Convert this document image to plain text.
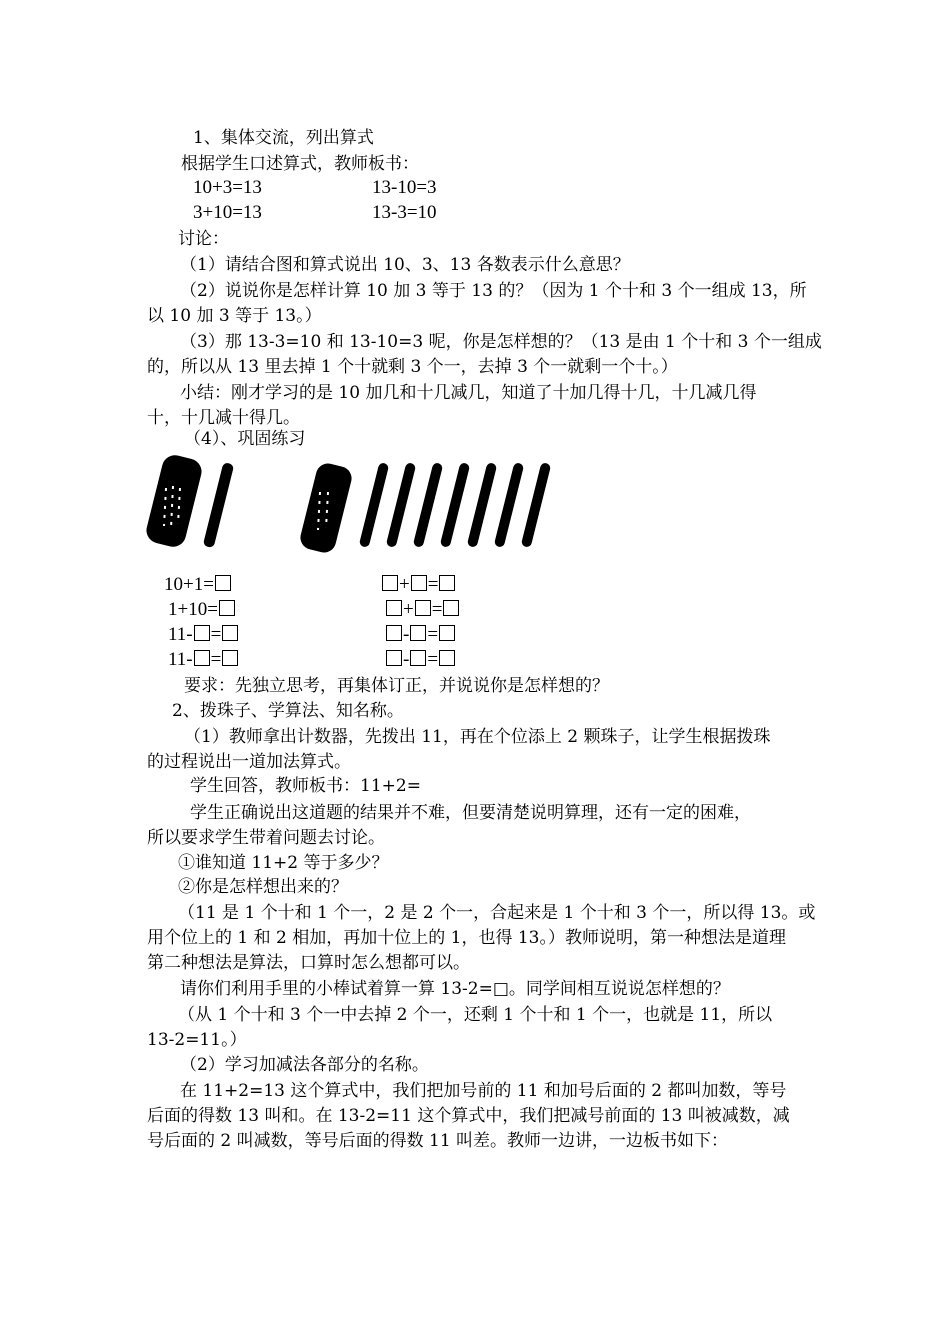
1、集体交流，列出算式
根据学生口述算式，教师板书：
10+3=13	13-10=3
3+10=13	13-3=10
讨论：
（1）请结合图和算式说出 10、3、13 各数表示什么意思？
（2）说说你是怎样计算 10 加 3 等于 13 的？（因为 1 个十和 3 个一组成 13，所
以 10 加 3 等于 13。）
（3）那 13-3=10 和 13-10=3 呢，你是怎样想的？（13 是由 1 个十和 3 个一组成
的，所以从 13 里去掉 1 个十就剩 3 个一，去掉 3 个一就剩一个十。）
小结：刚才学习的是 10 加几和十几减几，知道了十加几得十几，十几减几得
十，十几减十得几。
（4）、巩固练习
10+1=
1+10=
11- =
11- =
+ =
+ =
- =
- =
要求：先独立思考，再集体订正，并说说你是怎样想的？
2、拨珠子、学算法、知名称。
（1）教师拿出计数器，先拨出 11，再在个位添上 2 颗珠子，让学生根据拨珠
的过程说出一道加法算式。
学生回答，教师板书：11+2=
学生正确说出这道题的结果并不难，但要清楚说明算理，还有一定的困难，
所以要求学生带着问题去讨论。
①谁知道 11+2 等于多少？
②你是怎样想出来的？
（11 是 1 个十和 1 个一，2 是 2 个一，合起来是 1 个十和 3 个一，所以得 13。或
用个位上的 1 和 2 相加，再加十位上的 1，也得 13。）教师说明，第一种想法是道理
第二种想法是算法，口算时怎么想都可以。
请你们利用手里的小棒试着算一算 13-2=□。同学间相互说说怎样想的？
（从 1 个十和 3 个一中去掉 2 个一，还剩 1 个十和 1 个一，也就是 11，所以
13-2=11。）
（2）学习加减法各部分的名称。
在 11+2=13 这个算式中，我们把加号前的 11 和加号后面的 2 都叫加数，等号
后面的得数 13 叫和。在 13-2=11 这个算式中，我们把减号前面的 13 叫被减数，减
号后面的 2 叫减数，等号后面的得数 11 叫差。教师一边讲，一边板书如下：
